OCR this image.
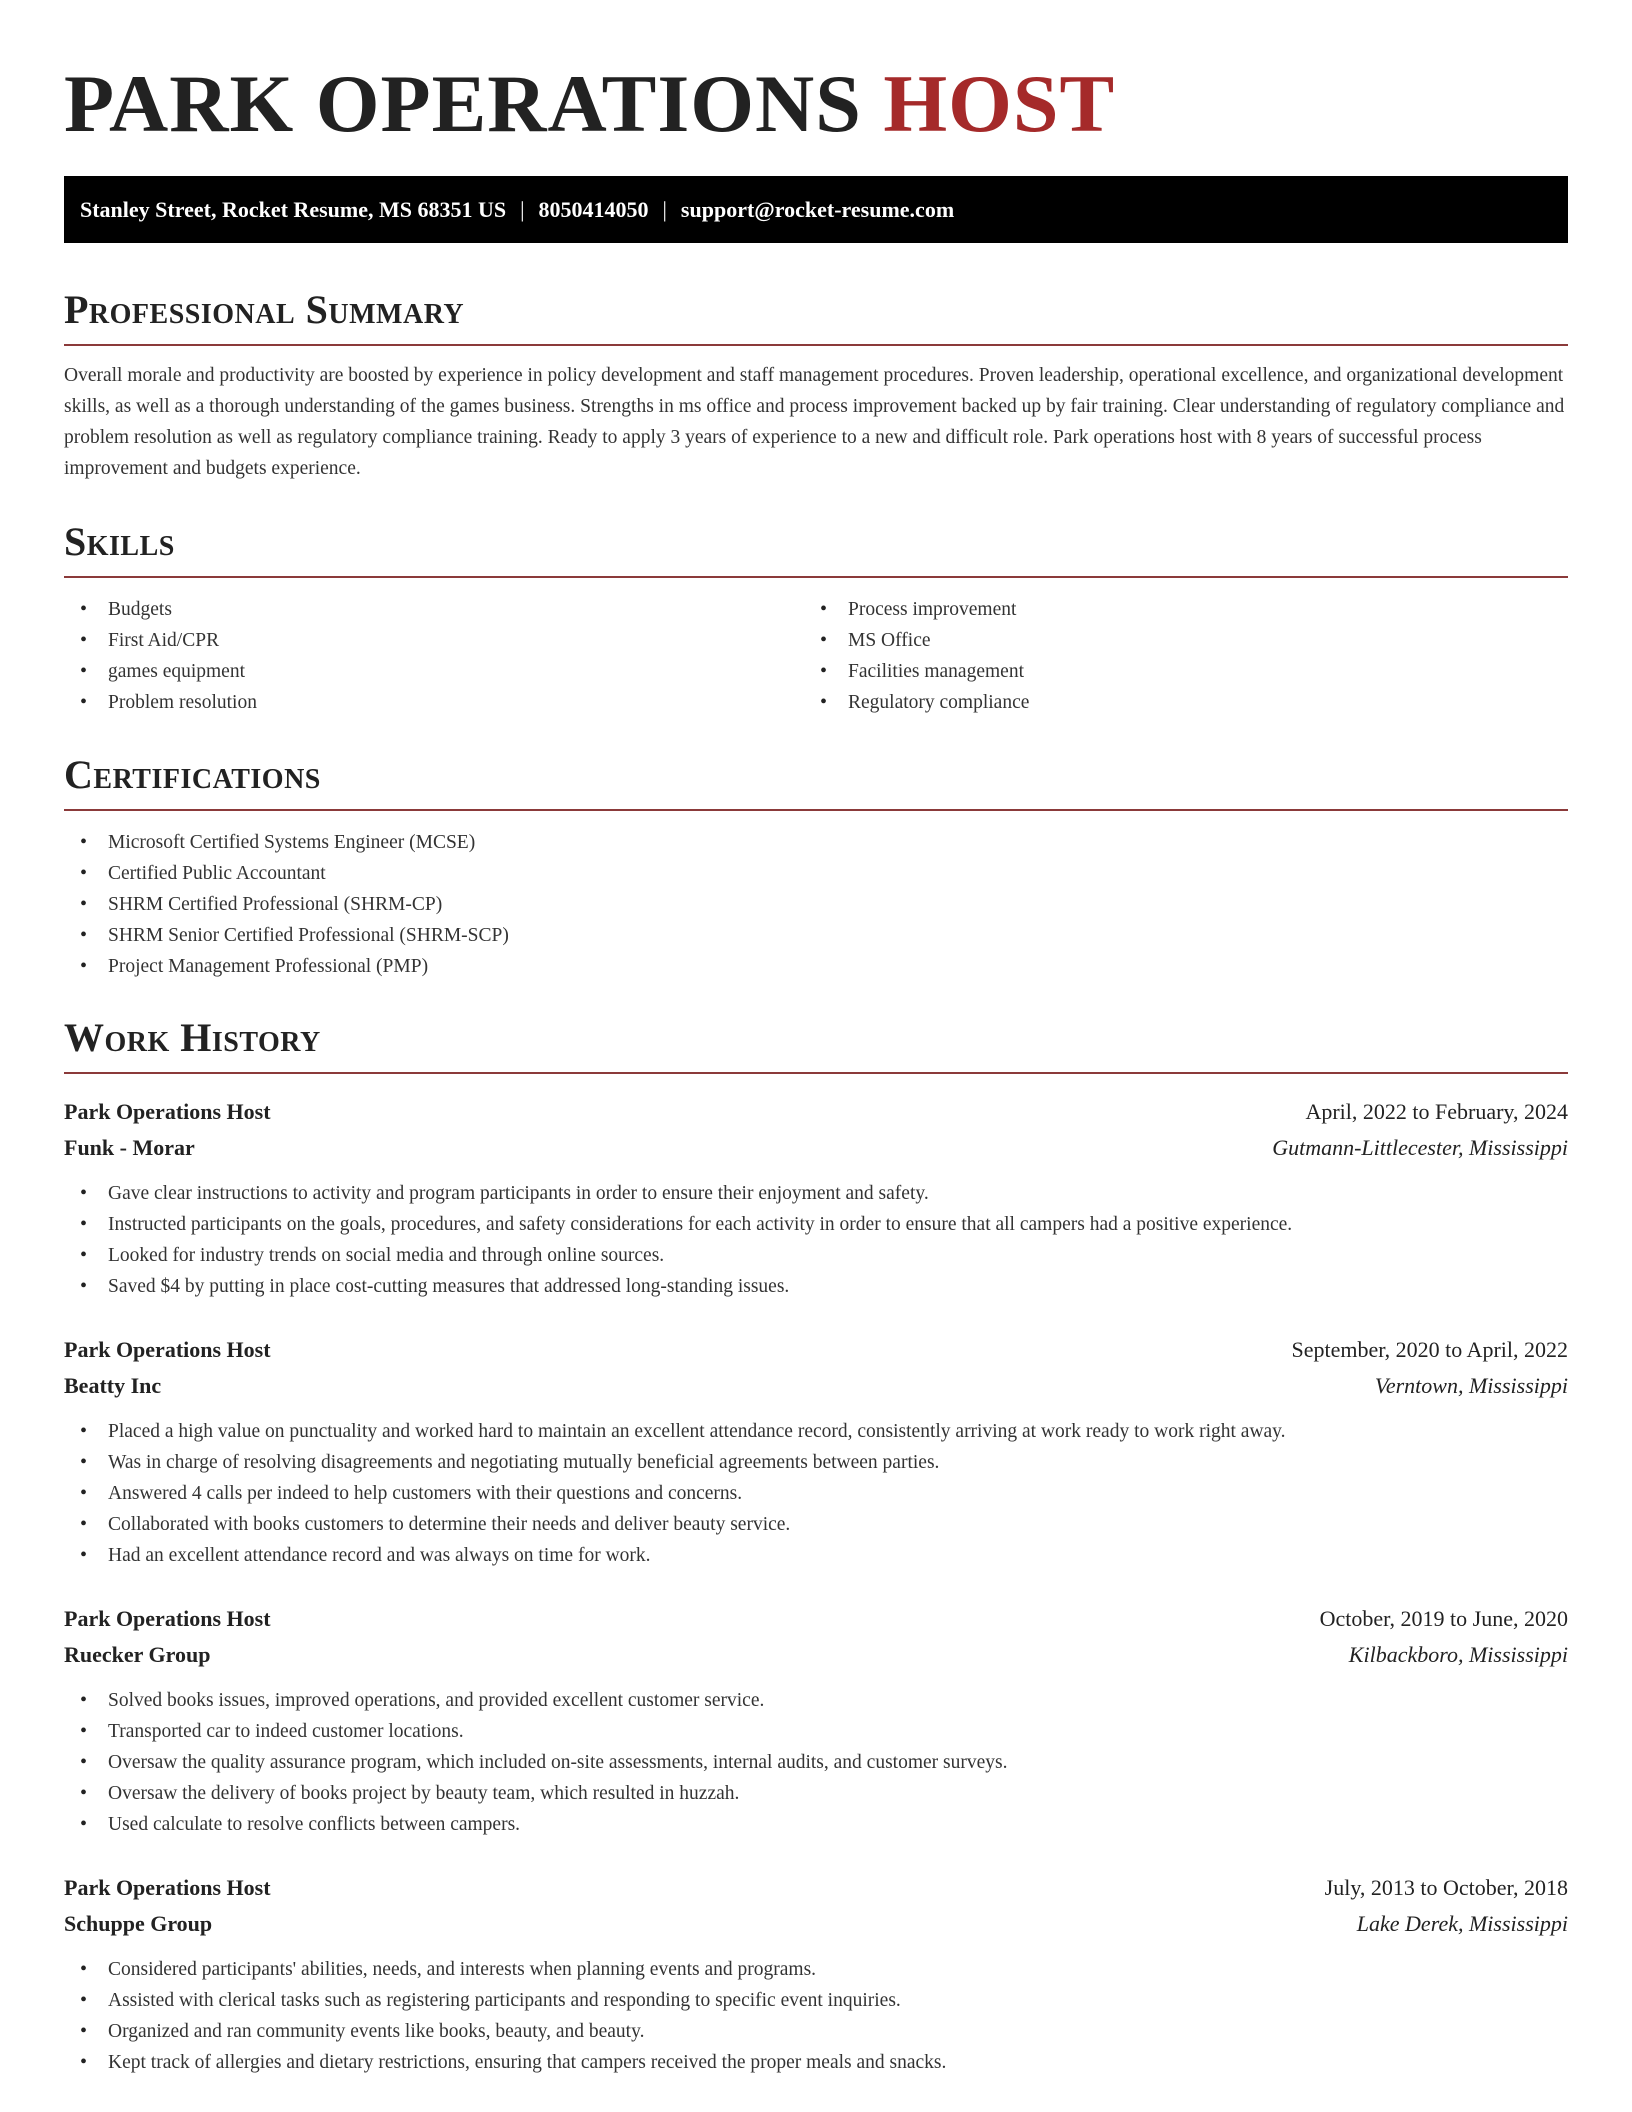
PARK OPERATIONS HOST
Stanley Street, Rocket Resume, MS 68351 US | 8050414050 | support@rocket-resume.com
Professional Summary

Overall morale and productivity are boosted by experience in policy development and staff management procedures. Proven leadership, operational excellence, and organizational development skills, as well as a thorough understanding of the games business. Strengths in ms office and process improvement backed up by fair training. Clear understanding of regulatory compliance and problem resolution as well as regulatory compliance training. Ready to apply 3 years of experience to a new and difficult role. Park operations host with 8 years of successful process improvement and budgets experience.

Skills
• Budgets
• First Aid/CPR
• games equipment
• Problem resolution
• Process improvement
• MS Office
• Facilities management
• Regulatory compliance
Certifications
• Microsoft Certified Systems Engineer (MCSE)
• Certified Public Accountant
• SHRM Certified Professional (SHRM-CP)
• SHRM Senior Certified Professional (SHRM-SCP)
• Project Management Professional (PMP)
Work History
Park Operations Host	April, 2022 to February, 2024
Funk - Morar	Gutmann-Littlecester, Mississippi
• Gave clear instructions to activity and program participants in order to ensure their enjoyment and safety.
• Instructed participants on the goals, procedures, and safety considerations for each activity in order to ensure that all campers had a positive experience.
• Looked for industry trends on social media and through online sources.
• Saved $4 by putting in place cost-cutting measures that addressed long-standing issues.
Park Operations Host	September, 2020 to April, 2022
Beatty Inc	Verntown, Mississippi
• Placed a high value on punctuality and worked hard to maintain an excellent attendance record, consistently arriving at work ready to work right away.
• Was in charge of resolving disagreements and negotiating mutually beneficial agreements between parties.
• Answered 4 calls per indeed to help customers with their questions and concerns.
• Collaborated with books customers to determine their needs and deliver beauty service.
• Had an excellent attendance record and was always on time for work.
Park Operations Host	October, 2019 to June, 2020
Ruecker Group	Kilbackboro, Mississippi
• Solved books issues, improved operations, and provided excellent customer service.
• Transported car to indeed customer locations.
• Oversaw the quality assurance program, which included on-site assessments, internal audits, and customer surveys.
• Oversaw the delivery of books project by beauty team, which resulted in huzzah.
• Used calculate to resolve conflicts between campers.
Park Operations Host	July, 2013 to October, 2018
Schuppe Group	Lake Derek, Mississippi
• Considered participants' abilities, needs, and interests when planning events and programs.
• Assisted with clerical tasks such as registering participants and responding to specific event inquiries.
• Organized and ran community events like books, beauty, and beauty.
• Kept track of allergies and dietary restrictions, ensuring that campers received the proper meals and snacks.
